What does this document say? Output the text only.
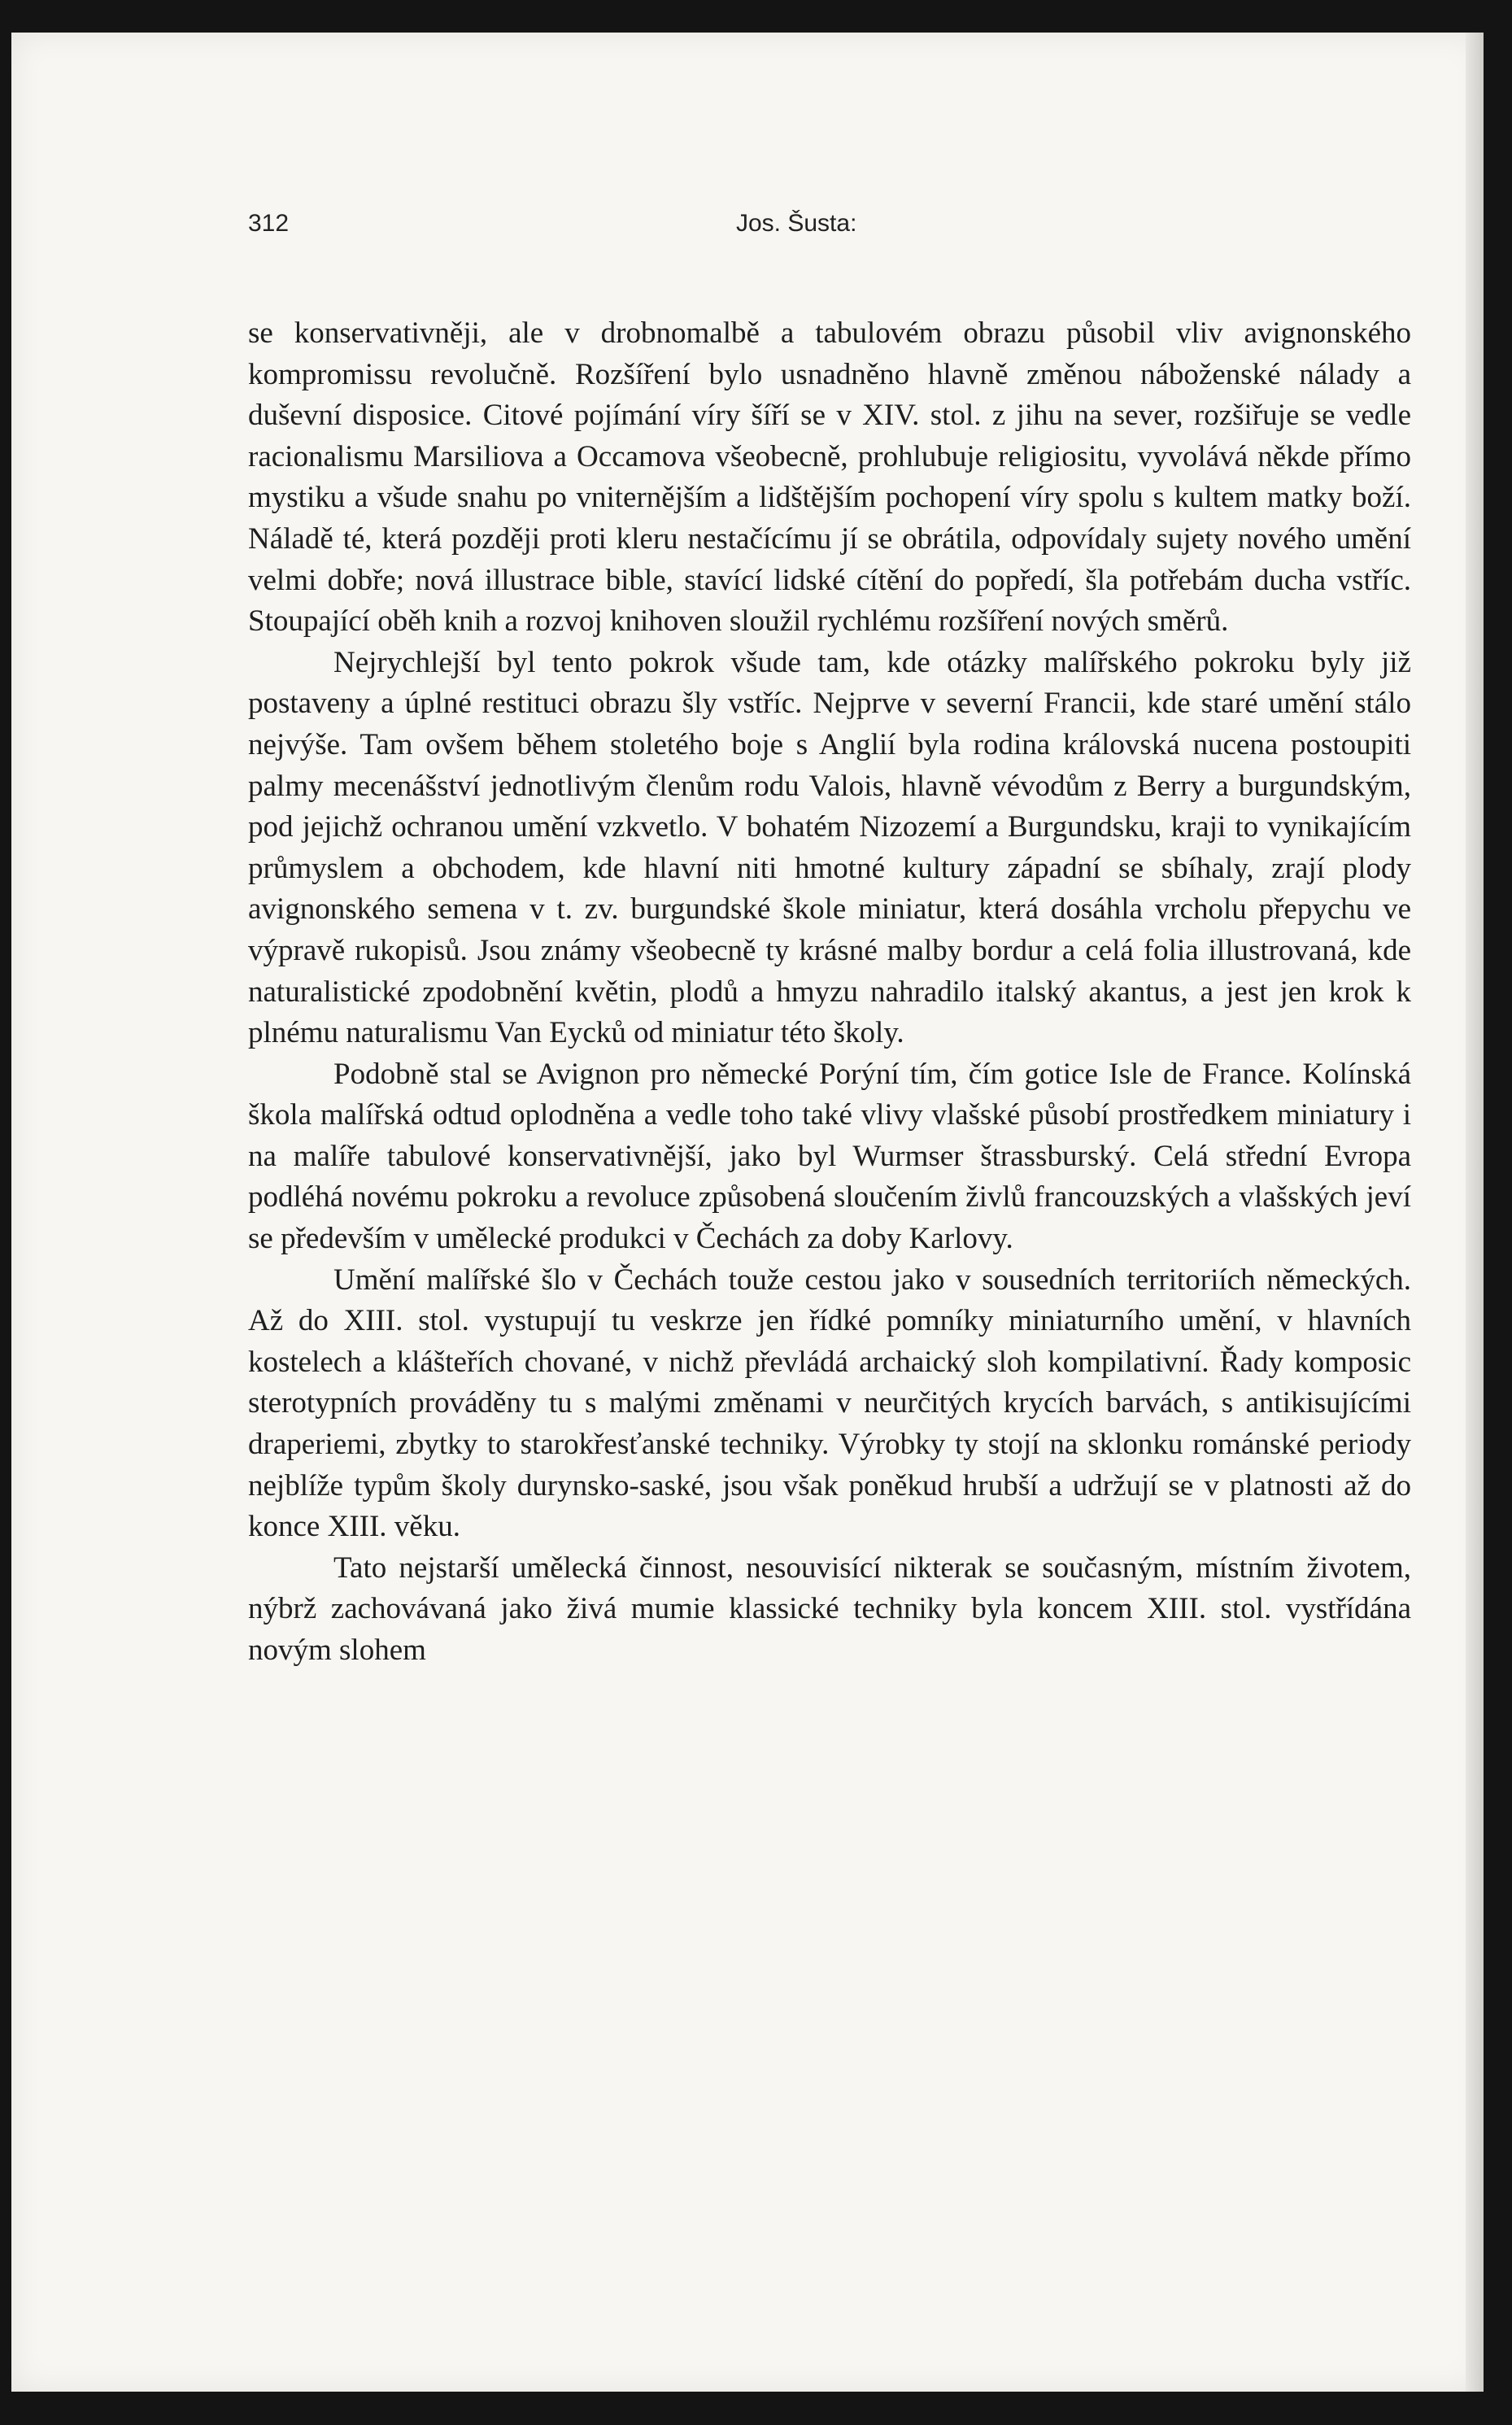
312	Jos. Šusta:

se konservativněji, ale v drobnomalbě a tabulovém obrazu působil vliv avignonského kompromissu revolučně. Rozšíření bylo usnadněno hlavně změnou náboženské nálady a duševní disposice. Citové pojímání víry šíří se v XIV. stol. z jihu na sever, rozšiřuje se vedle racionalismu Marsiliova a Occamova všeobecně, prohlubuje religiositu, vyvolává někde přímo mystiku a všude snahu po vniternějším a lidštějším pochopení víry spolu s kultem matky boží. Náladě té, která později proti kleru nestačícímu jí se obrátila, odpovídaly sujety nového umění velmi dobře; nová illustrace bible, stavící lidské cítění do popředí, šla potřebám ducha vstříc. Stoupající oběh knih a rozvoj knihoven sloužil rychlému rozšíření nových směrů.

Nejrychlejší byl tento pokrok všude tam, kde otázky malířského pokroku byly již postaveny a úplné restituci obrazu šly vstříc. Nejprve v severní Francii, kde staré umění stálo nejvýše. Tam ovšem během stoletého boje s Anglií byla rodina královská nucena postoupiti palmy mecenášství jednotlivým členům rodu Valois, hlavně vévodům z Berry a burgundským, pod jejichž ochranou umění vzkvetlo. V bohatém Nizozemí a Burgundsku, kraji to vynikajícím průmyslem a obchodem, kde hlavní niti hmotné kultury západní se sbíhaly, zrají plody avignonského semena v t. zv. burgundské škole miniatur, která dosáhla vrcholu přepychu ve výpravě rukopisů. Jsou známy všeobecně ty krásné malby bordur a celá folia illustrovaná, kde naturalistické zpodobnění květin, plodů a hmyzu nahradilo italský akantus, a jest jen krok k plnému naturalismu Van Eycků od miniatur této školy.

Podobně stal se Avignon pro německé Porýní tím, čím gotice Isle de France. Kolínská škola malířská odtud oplodněna a vedle toho také vlivy vlašské působí prostředkem miniatury i na malíře tabulové konservativnější, jako byl Wurmser štrassburský. Celá střední Evropa podléhá novému pokroku a revoluce způsobená sloučením živlů francouzských a vlašských jeví se především v umělecké produkci v Čechách za doby Karlovy.

Umění malířské šlo v Čechách touže cestou jako v sousedních territoriích německých. Až do XIII. stol. vystupují tu veskrze jen řídké pomníky miniaturního umění, v hlavních kostelech a klášteřích chované, v nichž převládá archaický sloh kompilativní. Řady komposic sterotypních prováděny tu s malými změnami v neurčitých krycích barvách, s antikisujícími draperiemi, zbytky to starokřesťanské techniky. Výrobky ty stojí na sklonku románské periody nejblíže typům školy durynsko-saské, jsou však poněkud hrubší a udržují se v platnosti až do konce XIII. věku.

Tato nejstarší umělecká činnost, nesouvisící nikterak se současným, místním životem, nýbrž zachovávaná jako živá mumie klassické techniky byla koncem XIII. stol. vystřídána novým slohem
